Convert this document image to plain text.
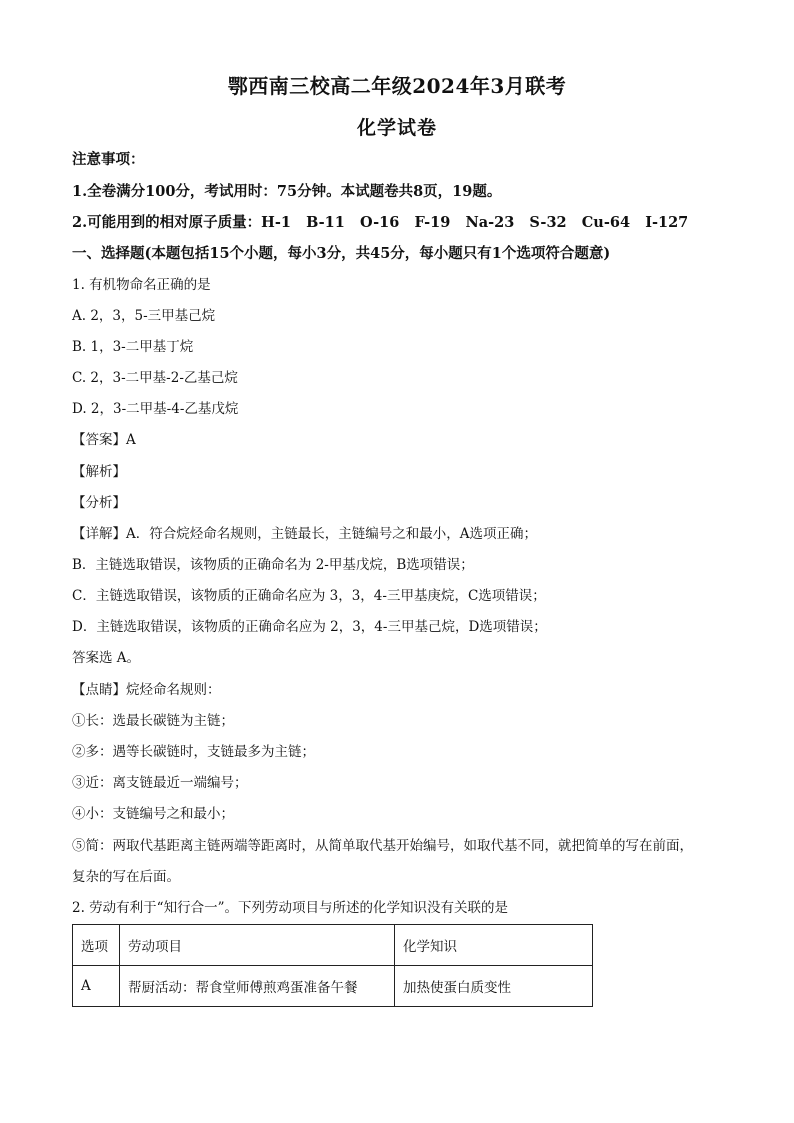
鄂西南三校高二年级2024年3月联考
化学试卷
注意事项：
1.全卷满分100分，考试用时：75分钟。本试题卷共8页，19题。
2.可能用到的相对原子质量：H-1   B-11   O-16   F-19   Na-23   S-32   Cu-64   I-127
一、选择题(本题包括15个小题，每小3分，共45分，每小题只有1个选项符合题意)
1. 有机物命名正确的是
A. 2，3，5-三甲基己烷
B. 1，3-二甲基丁烷
C. 2，3-二甲基-2-乙基己烷
D. 2，3-二甲基-4-乙基戊烷
【答案】A
【解析】
【分析】
【详解】A．符合烷烃命名规则，主链最长，主链编号之和最小，A选项正确；
B．主链选取错误，该物质的正确命名为 2-甲基戊烷，B选项错误；
C．主链选取错误，该物质的正确命名应为 3，3，4-三甲基庚烷，C选项错误；
D．主链选取错误，该物质的正确命名应为 2，3，4-三甲基己烷，D选项错误；
答案选 A。
【点睛】烷烃命名规则：
①长：选最长碳链为主链；
②多：遇等长碳链时，支链最多为主链；
③近：离支链最近一端编号；
④小：支链编号之和最小；
⑤简：两取代基距离主链两端等距离时，从简单取代基开始编号，如取代基不同，就把简单的写在前面，
复杂的写在后面。
2. 劳动有利于“知行合一”。下列劳动项目与所述的化学知识没有关联的是
选项	劳动项目	化学知识
A	帮厨活动：帮食堂师傅煎鸡蛋准备午餐	加热使蛋白质变性
